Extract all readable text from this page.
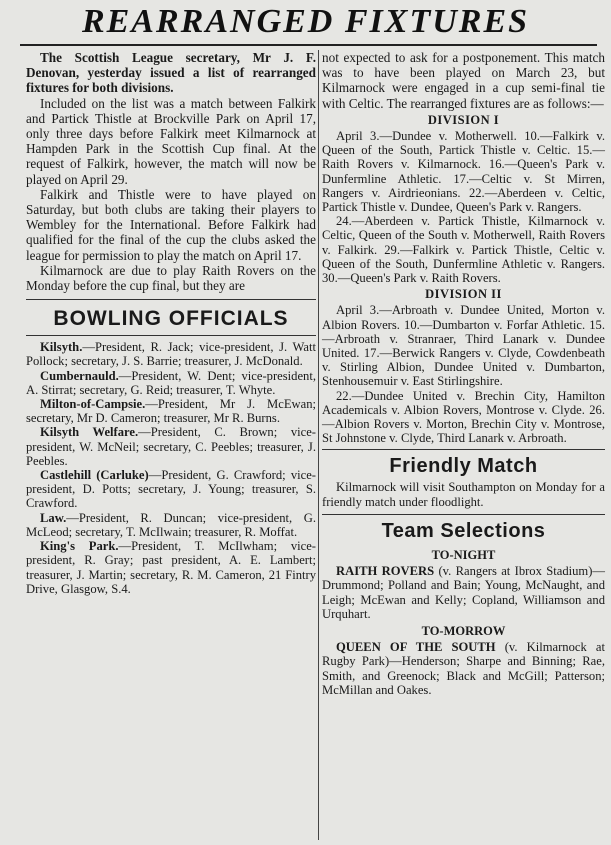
REARRANGED FIXTURES

The Scottish League secretary, Mr J. F. Denovan, yesterday issued a list of rearranged fixtures for both divisions.

Included on the list was a match between Falkirk and Partick Thistle at Brockville Park on April 17, only three days before Falkirk meet Kilmarnock at Hampden Park in the Scottish Cup final. At the request of Falkirk, however, the match will now be played on April 29.

Falkirk and Thistle were to have played on Saturday, but both clubs are taking their players to Wembley for the International. Before Falkirk had qualified for the final of the cup the clubs asked the league for permission to play the match on April 17.

Kilmarnock are due to play Raith Rovers on the Monday before the cup final, but they are

BOWLING OFFICIALS

Kilsyth.—President, R. Jack; vice-president, J. Watt Pollock; secretary, J. S. Barrie; treasurer, J. McDonald.

Cumbernauld.—President, W. Dent; vice-president, A. Stirrat; secretary, G. Reid; treasurer, T. Whyte.

Milton-of-Campsie.—President, Mr J. McEwan; secretary, Mr D. Cameron; treasurer, Mr R. Burns.

Kilsyth Welfare.—President, C. Brown; vice-president, W. McNeil; secretary, C. Peebles; treasurer, J. Peebles.

Castlehill (Carluke)—President, G. Crawford; vice-president, D. Potts; secretary, J. Young; treasurer, S. Crawford.

Law.—President, R. Duncan; vice-president, G. McLeod; secretary, T. McIlwain; treasurer, R. Moffat.

King's Park.—President, T. McIlwham; vice-president, R. Gray; past president, A. E. Lambert; treasurer, J. Martin; secretary, R. M. Cameron, 21 Fintry Drive, Glasgow, S.4.

not expected to ask for a postponement. This match was to have been played on March 23, but Kilmarnock were engaged in a cup semi-final tie with Celtic. The rearranged fixtures are as follows:—

DIVISION I

April 3.—Dundee v. Motherwell. 10.—Falkirk v. Queen of the South, Partick Thistle v. Celtic. 15.—Raith Rovers v. Kilmarnock. 16.—Queen's Park v. Dunfermline Athletic. 17.—Celtic v. St Mirren, Rangers v. Airdrieonians. 22.—Aberdeen v. Celtic, Partick Thistle v. Dundee, Queen's Park v. Rangers.

24.—Aberdeen v. Partick Thistle, Kilmarnock v. Celtic, Queen of the South v. Motherwell, Raith Rovers v. Falkirk. 29.—Falkirk v. Partick Thistle, Celtic v. Queen of the South, Dunfermline Athletic v. Rangers. 30.—Queen's Park v. Raith Rovers.

DIVISION II

April 3.—Arbroath v. Dundee United, Morton v. Albion Rovers. 10.—Dumbarton v. Forfar Athletic. 15.—Arbroath v. Stranraer, Third Lanark v. Dundee United. 17.—Berwick Rangers v. Clyde, Cowdenbeath v. Stirling Albion, Dundee United v. Dumbarton, Stenhousemuir v. East Stirlingshire.

22.—Dundee United v. Brechin City, Hamilton Academicals v. Albion Rovers, Montrose v. Clyde. 26.—Albion Rovers v. Morton, Brechin City v. Montrose, St Johnstone v. Clyde, Third Lanark v. Arbroath.

Friendly Match

Kilmarnock will visit Southampton on Monday for a friendly match under floodlight.

Team Selections
TO-NIGHT

RAITH ROVERS (v. Rangers at Ibrox Stadium)—Drummond; Polland and Bain; Young, McNaught, and Leigh; McEwan and Kelly; Copland, Williamson and Urquhart.

TO-MORROW

QUEEN OF THE SOUTH (v. Kilmarnock at Rugby Park)—Henderson; Sharpe and Binning; Rae, Smith, and Greenock; Black and McGill; Patterson; McMillan and Oakes.
